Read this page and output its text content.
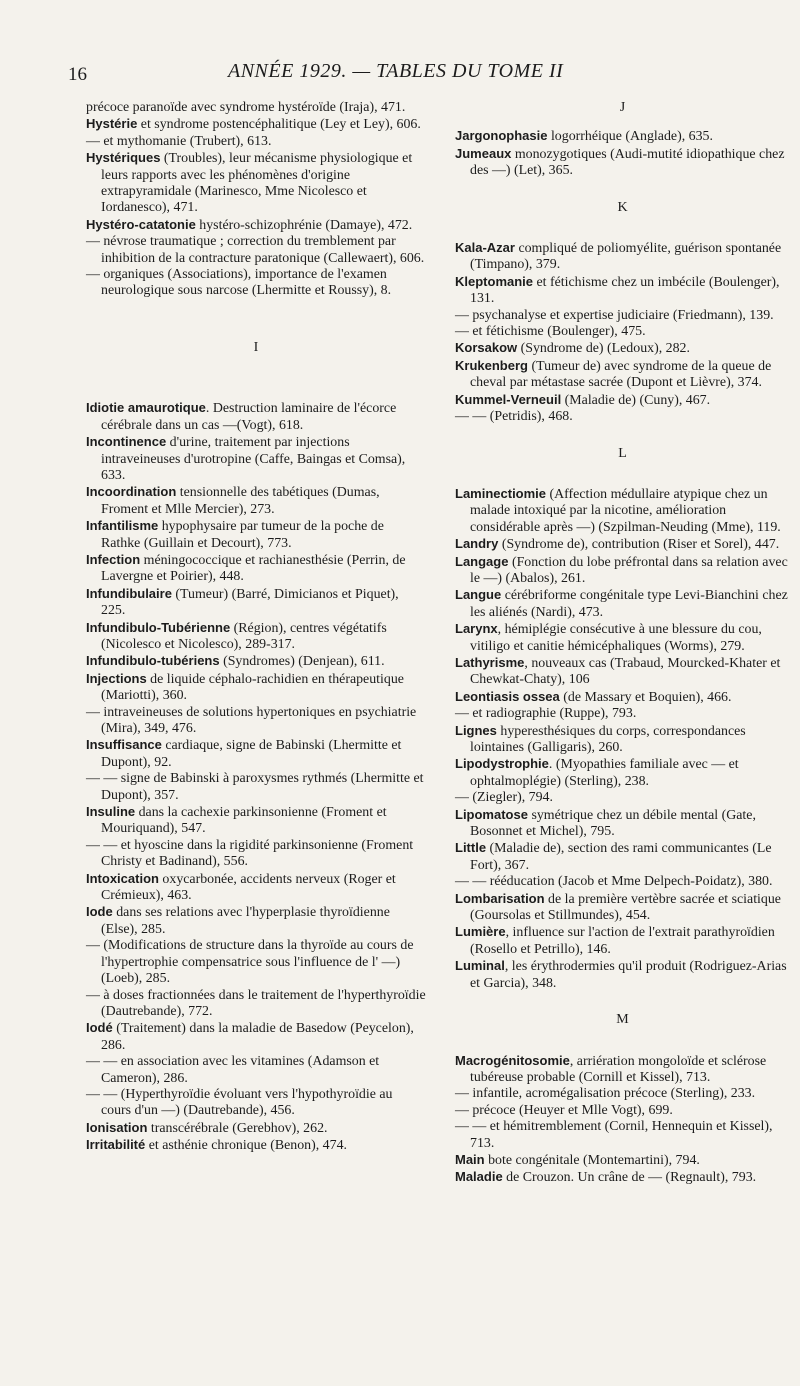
16	ANNÉE 1929. — TABLES DU TOME II

précoce paranoïde avec syndrome hystéroïde (Iraja), 471.

Hystérie et syndrome postencéphalitique (Ley et Ley), 606.

— et mythomanie (Trubert), 613.

Hystériques (Troubles), leur mécanisme physiologique et leurs rapports avec les phénomènes d'origine extrapyramidale (Marinesco, Mme Nicolesco et Iordanesco), 471.

Hystéro-catatonie hystéro-schizophrénie (Damaye), 472.

— névrose traumatique ; correction du tremblement par inhibition de la contracture paratonique (Callewaert), 606.

— organiques (Associations), importance de l'examen neurologique sous narcose (Lhermitte et Roussy), 8.

I

Idiotie amaurotique. Destruction laminaire de l'écorce cérébrale dans un cas —(Vogt), 618.

Incontinence d'urine, traitement par injections intraveineuses d'urotropine (Caffe, Baingas et Comsa), 633.

Incoordination tensionnelle des tabétiques (Dumas, Froment et Mlle Mercier), 273.

Infantilisme hypophysaire par tumeur de la poche de Rathke (Guillain et Decourt), 773.

Infection méningococcique et rachianesthésie (Perrin, de Lavergne et Poirier), 448.

Infundibulaire (Tumeur) (Barré, Dimicianos et Piquet), 225.

Infundibulo-Tubérienne (Région), centres végétatifs (Nicolesco et Nicolesco), 289-317.

Infundibulo-tubériens (Syndromes) (Denjean), 611.

Injections de liquide céphalo-rachidien en thérapeutique (Mariotti), 360.

— intraveineuses de solutions hypertoniques en psychiatrie (Mira), 349, 476.

Insuffisance cardiaque, signe de Babinski (Lhermitte et Dupont), 92.

— — signe de Babinski à paroxysmes rythmés (Lhermitte et Dupont), 357.

Insuline dans la cachexie parkinsonienne (Froment et Mouriquand), 547.

— — et hyoscine dans la rigidité parkinsonienne (Froment Christy et Badinand), 556.

Intoxication oxycarbonée, accidents nerveux (Roger et Crémieux), 463.

Iode dans ses relations avec l'hyperplasie thyroïdienne (Else), 285.

— (Modifications de structure dans la thyroïde au cours de l'hypertrophie compensatrice sous l'influence de l' —) (Loeb), 285.

— à doses fractionnées dans le traitement de l'hyperthyroïdie (Dautrebande), 772.

Iodé (Traitement) dans la maladie de Basedow (Peycelon), 286.

— — en association avec les vitamines (Adamson et Cameron), 286.

— — (Hyperthyroïdie évoluant vers l'hypothyroïdie au cours d'un —) (Dautrebande), 456.

Ionisation transcérébrale (Gerebhov), 262.

Irritabilité et asthénie chronique (Benon), 474.

J

Jargonophasie logorrhéique (Anglade), 635.

Jumeaux monozygotiques (Audi-mutité idiopathique chez des —) (Let), 365.

K

Kala-Azar compliqué de poliomyélite, guérison spontanée (Timpano), 379.

Kleptomanie et fétichisme chez un imbécile (Boulenger), 131.

— psychanalyse et expertise judiciaire (Friedmann), 139.

— et fétichisme (Boulenger), 475.

Korsakow (Syndrome de) (Ledoux), 282.

Krukenberg (Tumeur de) avec syndrome de la queue de cheval par métastase sacrée (Dupont et Lièvre), 374.

Kummel-Verneuil (Maladie de) (Cuny), 467.

— — (Petridis), 468.

L

Laminectiomie (Affection médullaire atypique chez un malade intoxiqué par la nicotine, amélioration considérable après —) (Szpilman-Neuding (Mme), 119.

Landry (Syndrome de), contribution (Riser et Sorel), 447.

Langage (Fonction du lobe préfrontal dans sa relation avec le —) (Abalos), 261.

Langue cérébriforme congénitale type Levi-Bianchini chez les aliénés (Nardi), 473.

Larynx, hémiplégie consécutive à une blessure du cou, vitiligo et canitie hémicéphaliques (Worms), 279.

Lathyrisme, nouveaux cas (Trabaud, Mourcked-Khater et Chewkat-Chaty), 106

Leontiasis ossea (de Massary et Boquien), 466.

— et radiographie (Ruppe), 793.

Lignes hyperesthésiques du corps, correspondances lointaines (Galligaris), 260.

Lipodystrophie. (Myopathies familiale avec — et ophtalmoplégie) (Sterling), 238.

— (Ziegler), 794.

Lipomatose symétrique chez un débile mental (Gate, Bosonnet et Michel), 795.

Little (Maladie de), section des rami communicantes (Le Fort), 367.

— — rééducation (Jacob et Mme Delpech-Poidatz), 380.

Lombarisation de la première vertèbre sacrée et sciatique (Goursolas et Stillmundes), 454.

Lumière, influence sur l'action de l'extrait parathyroïdien (Rosello et Petrillo), 146.

Luminal, les érythrodermies qu'il produit (Rodriguez-Arias et Garcia), 348.

M

Macrogénitosomie, arriération mongoloïde et sclérose tubéreuse probable (Cornill et Kissel), 713.

— infantile, acromégalisation précoce (Sterling), 233.

— précoce (Heuyer et Mlle Vogt), 699.

— — et hémitremblement (Cornil, Hennequin et Kissel), 713.

Main bote congénitale (Montemartini), 794.

Maladie de Crouzon. Un crâne de — (Regnault), 793.
